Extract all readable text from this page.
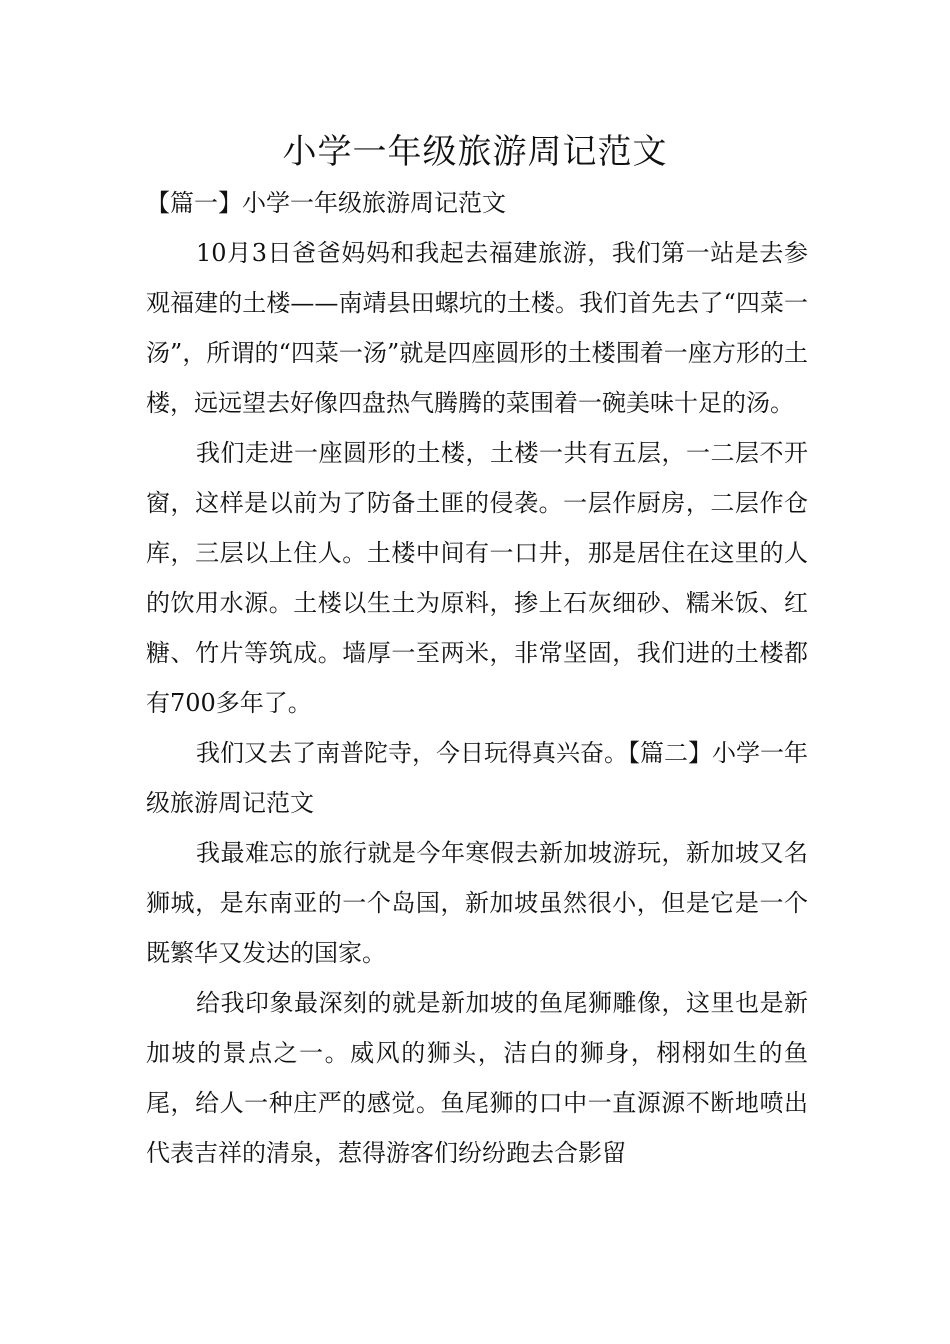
小学一年级旅游周记范文

【篇一】小学一年级旅游周记范文

10月3日爸爸妈妈和我起去福建旅游，我们第一站是去参观福建的土楼——南靖县田螺坑的土楼。我们首先去了“四菜一汤”，所谓的“四菜一汤”就是四座圆形的土楼围着一座方形的土楼，远远望去好像四盘热气腾腾的菜围着一碗美味十足的汤。

我们走进一座圆形的土楼，土楼一共有五层，一二层不开窗，这样是以前为了防备土匪的侵袭。一层作厨房，二层作仓库，三层以上住人。土楼中间有一口井，那是居住在这里的人的饮用水源。土楼以生土为原料，掺上石灰细砂、糯米饭、红糖、竹片等筑成。墙厚一至两米，非常坚固，我们进的土楼都有700多年了。

我们又去了南普陀寺，今日玩得真兴奋。【篇二】小学一年级旅游周记范文

我最难忘的旅行就是今年寒假去新加坡游玩，新加坡又名狮城，是东南亚的一个岛国，新加坡虽然很小，但是它是一个既繁华又发达的国家。

给我印象最深刻的就是新加坡的鱼尾狮雕像，这里也是新加坡的景点之一。威风的狮头，洁白的狮身，栩栩如生的鱼尾，给人一种庄严的感觉。鱼尾狮的口中一直源源不断地喷出代表吉祥的清泉，惹得游客们纷纷跑去合影留
